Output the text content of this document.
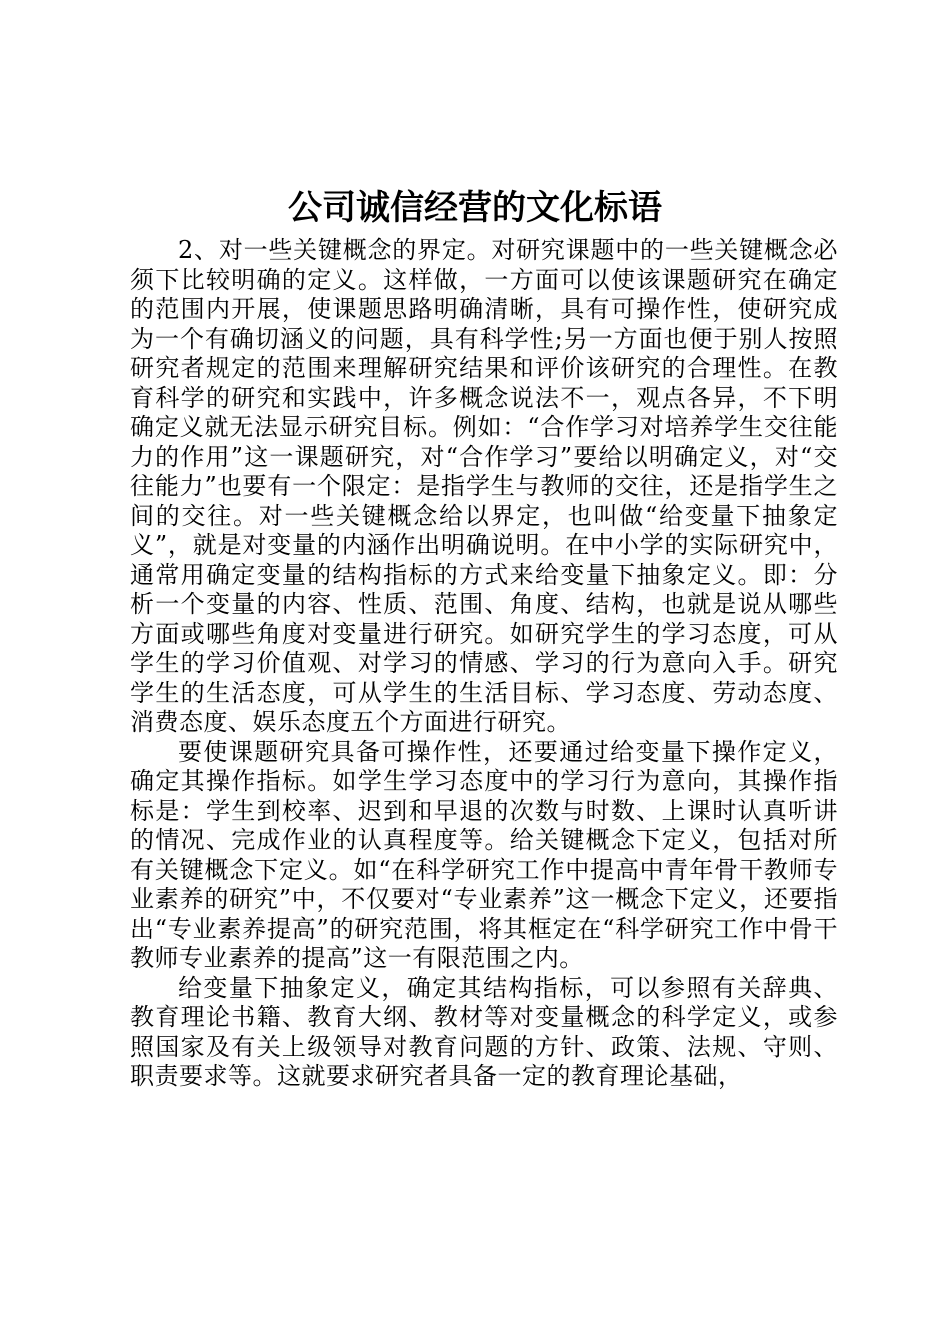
公司诚信经营的文化标语

2、对一些关键概念的界定。对研究课题中的一些关键概念必须下比较明确的定义。这样做，一方面可以使该课题研究在确定的范围内开展，使课题思路明确清晰，具有可操作性，使研究成为一个有确切涵义的问题，具有科学性;另一方面也便于别人按照研究者规定的范围来理解研究结果和评价该研究的合理性。在教育科学的研究和实践中，许多概念说法不一，观点各异，不下明确定义就无法显示研究目标。例如：“合作学习对培养学生交往能力的作用”这一课题研究，对“合作学习”要给以明确定义，对“交往能力”也要有一个限定：是指学生与教师的交往，还是指学生之间的交往。对一些关键概念给以界定，也叫做“给变量下抽象定义”，就是对变量的内涵作出明确说明。在中小学的实际研究中，通常用确定变量的结构指标的方式来给变量下抽象定义。即：分析一个变量的内容、性质、范围、角度、结构，也就是说从哪些方面或哪些角度对变量进行研究。如研究学生的学习态度，可从学生的学习价值观、对学习的情感、学习的行为意向入手。研究学生的生活态度，可从学生的生活目标、学习态度、劳动态度、消费态度、娱乐态度五个方面进行研究。

要使课题研究具备可操作性，还要通过给变量下操作定义，确定其操作指标。如学生学习态度中的学习行为意向，其操作指标是：学生到校率、迟到和早退的次数与时数、上课时认真听讲的情况、完成作业的认真程度等。给关键概念下定义，包括对所有关键概念下定义。如“在科学研究工作中提高中青年骨干教师专业素养的研究”中，不仅要对“专业素养”这一概念下定义，还要指出“专业素养提高”的研究范围，将其框定在“科学研究工作中骨干教师专业素养的提高”这一有限范围之内。

给变量下抽象定义，确定其结构指标，可以参照有关辞典、教育理论书籍、教育大纲、教材等对变量概念的科学定义，或参照国家及有关上级领导对教育问题的方针、政策、法规、守则、职责要求等。这就要求研究者具备一定的教育理论基础，
